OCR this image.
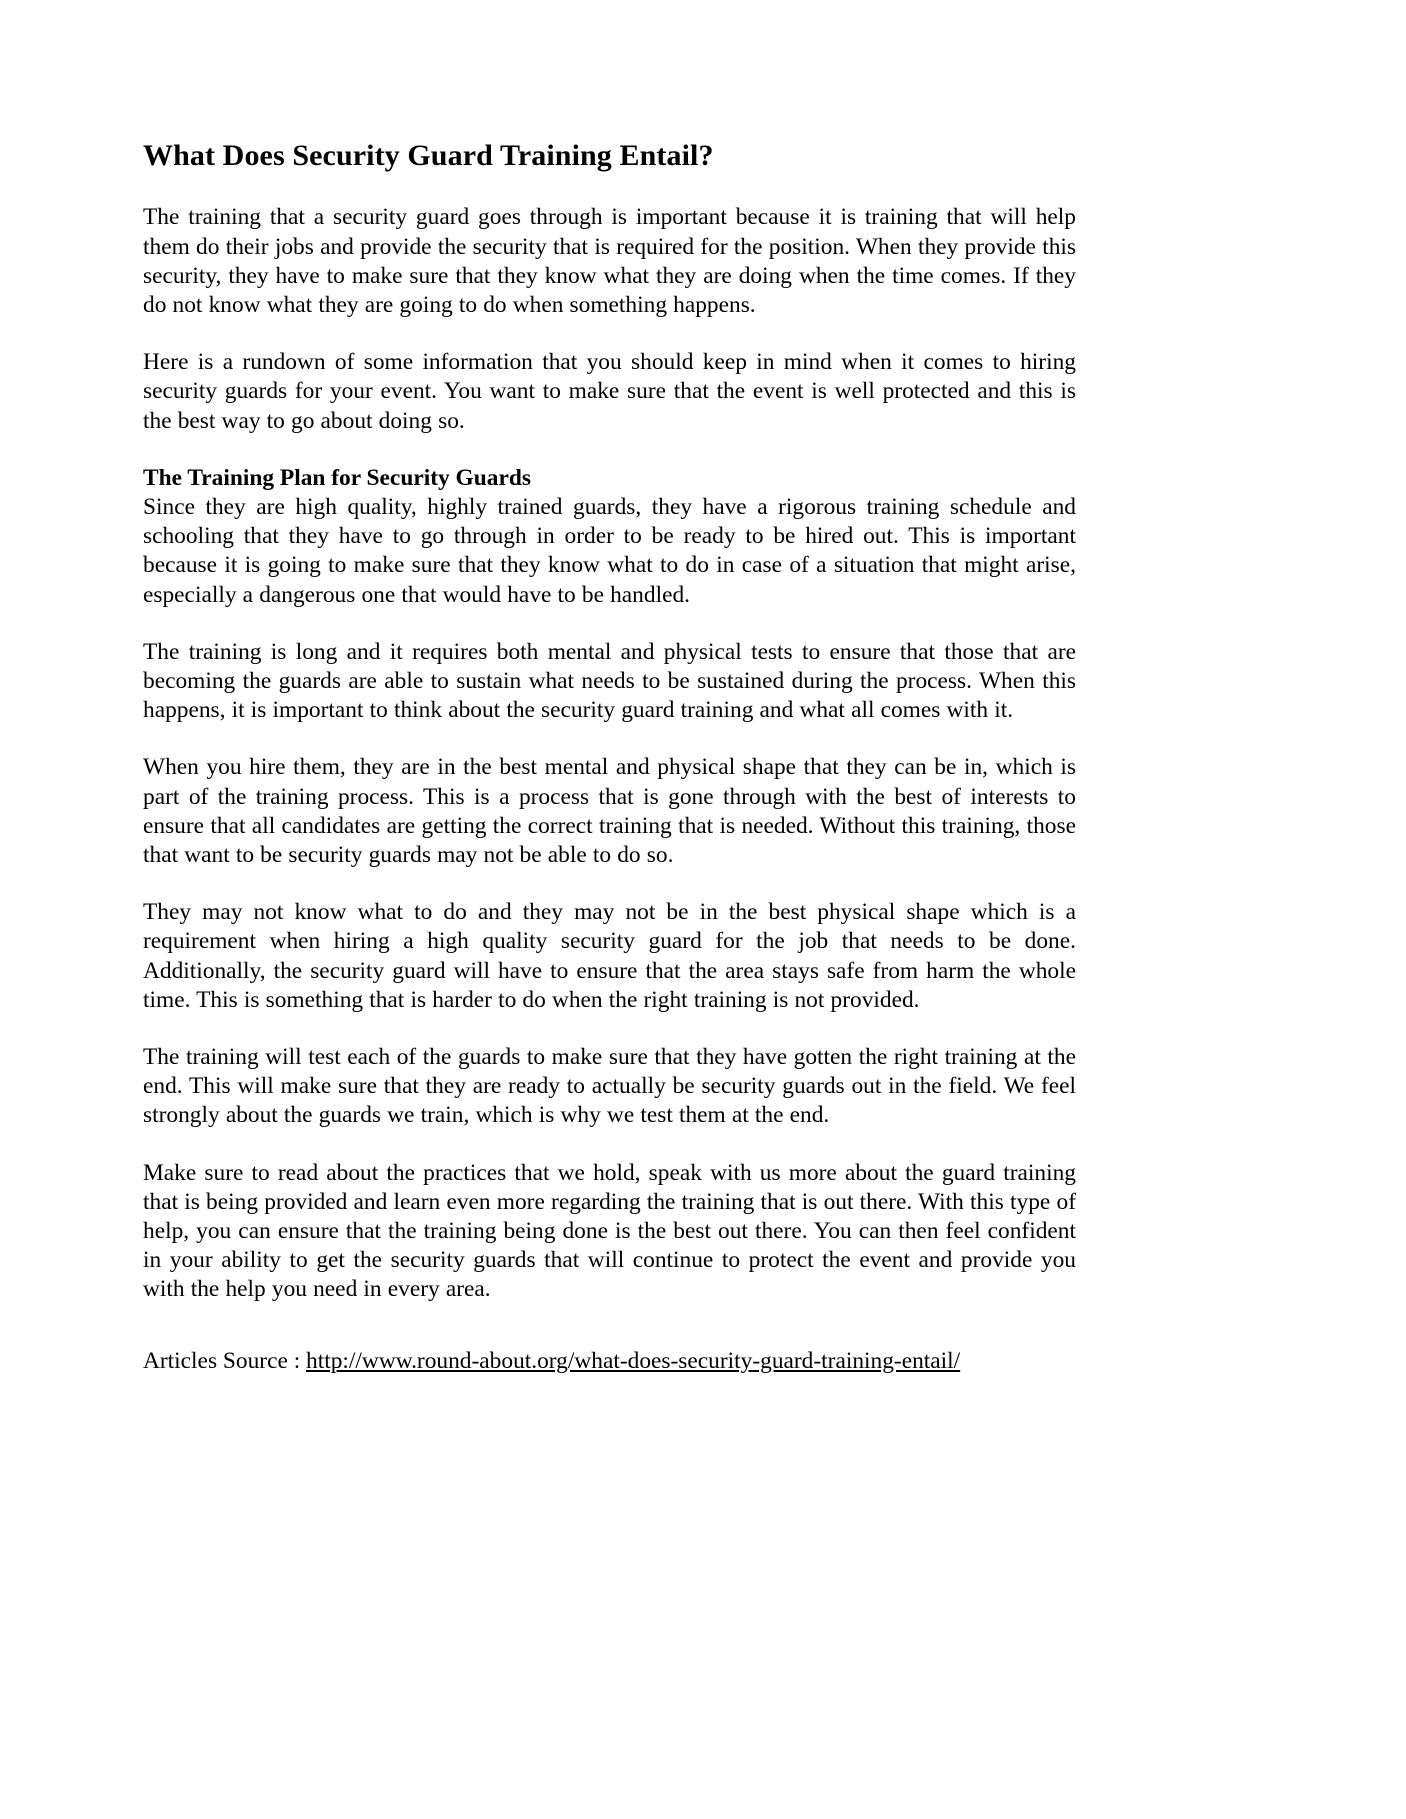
What Does Security Guard Training Entail?

The training that a security guard goes through is important because it is training that will help them do their jobs and provide the security that is required for the position. When they provide this security, they have to make sure that they know what they are doing when the time comes. If they do not know what they are going to do when something happens.

Here is a rundown of some information that you should keep in mind when it comes to hiring security guards for your event. You want to make sure that the event is well protected and this is the best way to go about doing so.

The Training Plan for Security Guards

Since they are high quality, highly trained guards, they have a rigorous training schedule and schooling that they have to go through in order to be ready to be hired out. This is important because it is going to make sure that they know what to do in case of a situation that might arise, especially a dangerous one that would have to be handled.

The training is long and it requires both mental and physical tests to ensure that those that are becoming the guards are able to sustain what needs to be sustained during the process. When this happens, it is important to think about the security guard training and what all comes with it.

When you hire them, they are in the best mental and physical shape that they can be in, which is part of the training process. This is a process that is gone through with the best of interests to ensure that all candidates are getting the correct training that is needed. Without this training, those that want to be security guards may not be able to do so.

They may not know what to do and they may not be in the best physical shape which is a requirement when hiring a high quality security guard for the job that needs to be done. Additionally, the security guard will have to ensure that the area stays safe from harm the whole time. This is something that is harder to do when the right training is not provided.

The training will test each of the guards to make sure that they have gotten the right training at the end. This will make sure that they are ready to actually be security guards out in the field. We feel strongly about the guards we train, which is why we test them at the end.

Make sure to read about the practices that we hold, speak with us more about the guard training that is being provided and learn even more regarding the training that is out there. With this type of help, you can ensure that the training being done is the best out there. You can then feel confident in your ability to get the security guards that will continue to protect the event and provide you with the help you need in every area.

Articles Source : http://www.round-about.org/what-does-security-guard-training-entail/
